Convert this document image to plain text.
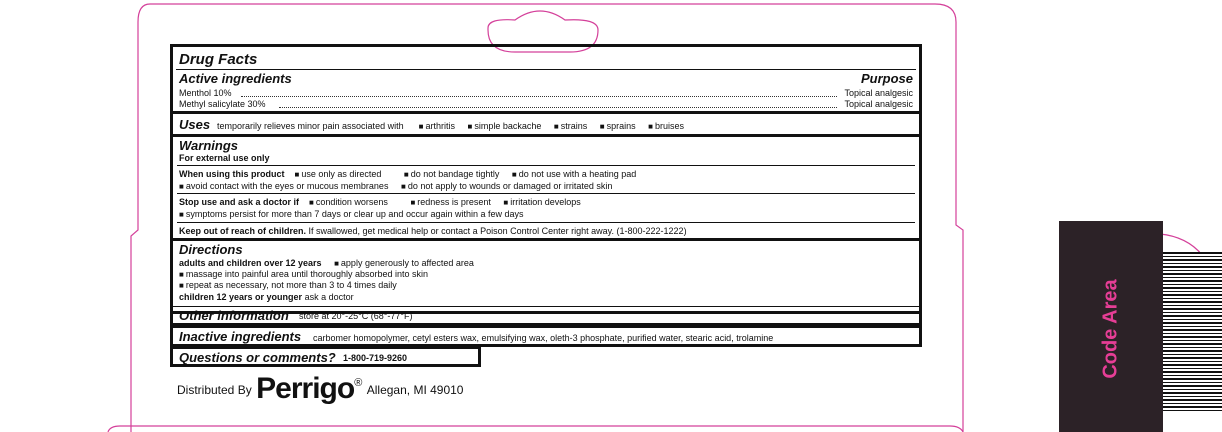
Drug Facts
Active ingredients	Purpose
Menthol 10%	Topical analgesic
Methyl salicylate 30%	Topical analgesic
Uses temporarily relieves minor pain associated with ■ arthritis ■ simple backache ■ strains ■ sprains ■ bruises
Warnings
For external use only
When using this product ■ use only as directed	■ do not bandage tightly ■ do not use with a heating pad
■ avoid contact with the eyes or mucous membranes ■ do not apply to wounds or damaged or irritated skin
Stop use and ask a doctor if ■ condition worsens	■ redness is present ■ irritation develops
■ symptoms persist for more than 7 days or clear up and occur again within a few days
Keep out of reach of children. If swallowed, get medical help or contact a Poison Control Center right away. (1-800-222-1222)
Directions
adults and children over 12 years ■ apply generously to affected area
■ massage into painful area until thoroughly absorbed into skin
■ repeat as necessary, not more than 3 to 4 times daily
children 12 years or younger ask a doctor
Other information store at 20°-25°C (68°-77°F)
Inactive ingredients carbomer homopolymer, cetyl esters wax, emulsifying wax, oleth-3 phosphate, purified water, stearic acid, trolamine
Questions or comments? 1-800-719-9260
$^{Distributed By}$ Perrigo® $^{Allegan, MI 49010}$
Code Area
